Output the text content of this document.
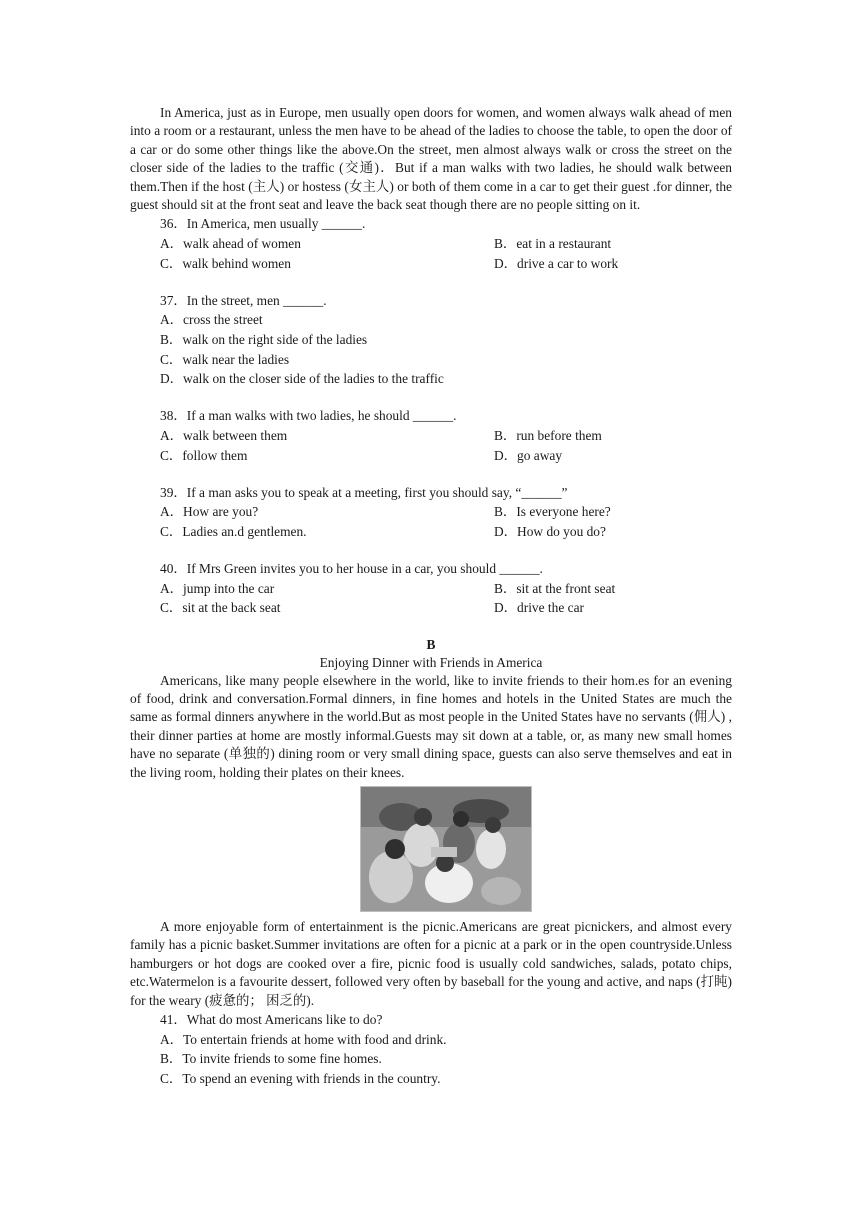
In America, just as in Europe, men usually open doors for women, and women always walk ahead of men into a room or a restaurant, unless the men have to be ahead of the ladies to choose the table, to open the door of a car or do some other things like the above.On the street, men almost always walk or cross the street on the closer side of the ladies to the traffic (交通)．But if a man walks with two ladies, he should walk between them.Then if the host (主人) or hostess (女主人) or both of them come in a car to get their guest .for dinner, the guest should sit at the front seat and leave the back seat though there are no people sitting on it.

36．In America, men usually ______.

A．walk ahead of women	B．eat in a restaurant

C．walk behind women	D．drive a car to work

37．In the street, men ______.

A．cross the street

B．walk on the right side of the ladies

C．walk near the ladies

D．walk on the closer side of the ladies to the traffic

38．If a man walks with two ladies, he should ______.

A．walk between them	B．run before them

C．follow them	D．go away

39．If a man asks you to speak at a meeting, first you should say, “______”

A．How are you?	B．Is everyone here?

C．Ladies an.d gentlemen.	D．How do you do?

40．If Mrs Green invites you to her house in a car, you should ______.

A．jump into the car	B．sit at the front seat

C．sit at the back seat	D．drive the car

B

Enjoying Dinner with Friends in America

Americans, like many people elsewhere in the world, like to invite friends to their hom.es for an evening of food, drink and conversation.Formal dinners, in fine homes and hotels in the United States are much the same as formal dinners anywhere in the world.But as most people in the United States have no servants (佣人) , their dinner parties at home are mostly informal.Guests may sit down at a table, or, as many new small homes have no separate (单独的) dining room or very small dining space, guests can also serve themselves and eat in the living room, holding their plates on their knees.

A more enjoyable form of entertainment is the picnic.Americans are great picnickers, and almost every family has a picnic basket.Summer invitations are often for a picnic at a park or in the open countryside.Unless hamburgers or hot dogs are cooked over a fire, picnic food is usually cold sandwiches, salads, potato chips, etc.Watermelon is a favourite dessert, followed very often by baseball for the young and active, and naps (打盹) for the weary (疲惫的； 困乏的).

41．What do most Americans like to do?

A．To entertain friends at home with food and drink.

B．To invite friends to some fine homes.

C．To spend an evening with friends in the country.
